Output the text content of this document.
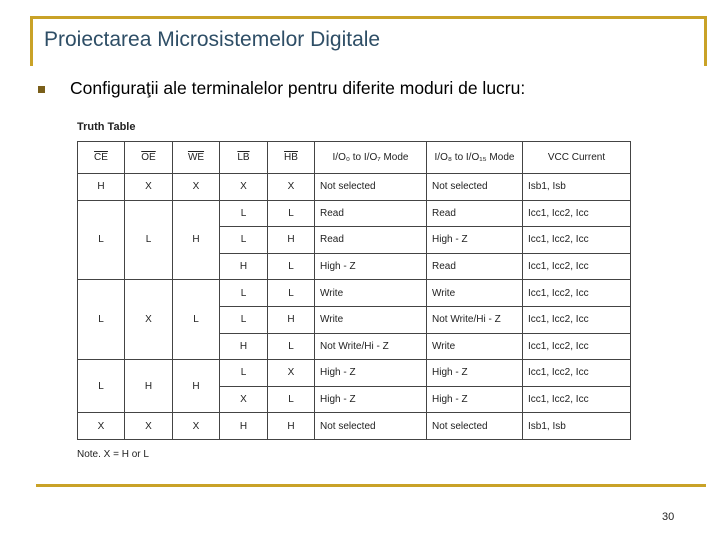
Proiectarea Microsistemelor Digitale
Configuraţii ale terminalelor pentru diferite moduri de lucru:
Truth Table
$\overline{CE}$	$\overline{OE}$	$\overline{WE}$	$\overline{LB}$	$\overline{HB}$	I/O₀ to I/O₇ Mode	I/O₈ to I/O₁₅ Mode	VCC Current
H	X	X	X	X	Not selected	Not selected	Isb1, Isb
L	L	H	L	L	Read	Read	Icc1, Icc2, Icc
			L	H	Read	High - Z	Icc1, Icc2, Icc
			H	L	High - Z	Read	Icc1, Icc2, Icc
L	X	L	L	L	Write	Write	Icc1, Icc2, Icc
			L	H	Write	Not Write/Hi - Z	Icc1, Icc2, Icc
			H	L	Not Write/Hi - Z	Write	Icc1, Icc2, Icc
L	H	H	L	X	High - Z	High - Z	Icc1, Icc2, Icc
			X	L	High - Z	High - Z	Icc1, Icc2, Icc
X	X	X	H	H	Not selected	Not selected	Isb1, Isb
Note. X = H or L
30
